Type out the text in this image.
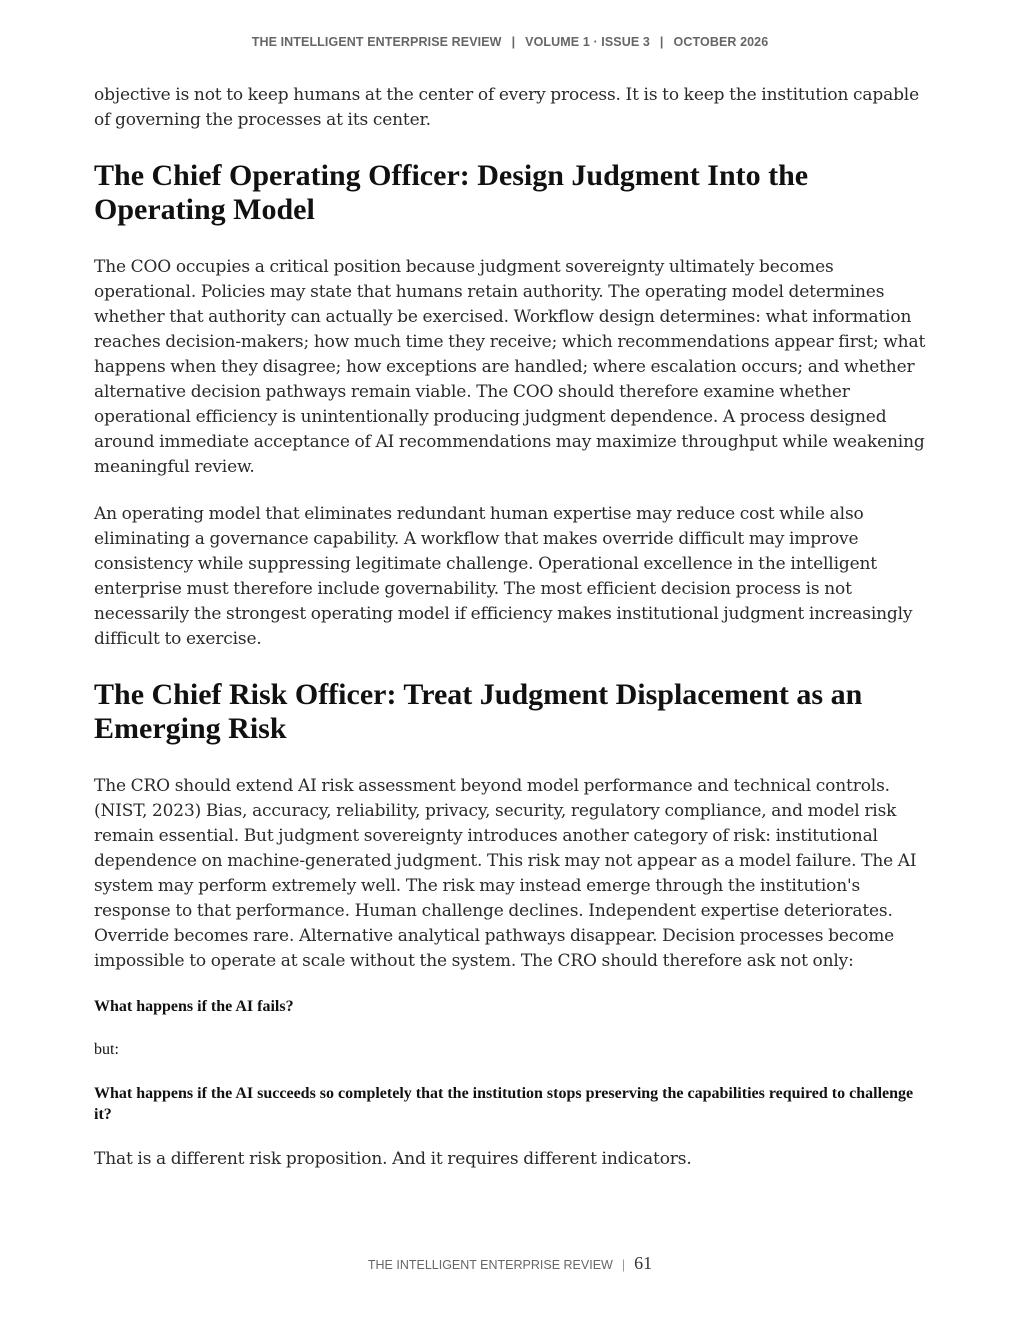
THE INTELLIGENT ENTERPRISE REVIEW | VOLUME 1 · ISSUE 3 | OCTOBER 2026

objective is not to keep humans at the center of every process. It is to keep the institution capable of governing the processes at its center.

The Chief Operating Officer: Design Judgment Into the Operating Model

The COO occupies a critical position because judgment sovereignty ultimately becomes operational. Policies may state that humans retain authority. The operating model determines whether that authority can actually be exercised. Workflow design determines: what information reaches decision-makers; how much time they receive; which recommendations appear first; what happens when they disagree; how exceptions are handled; where escalation occurs; and whether alternative decision pathways remain viable. The COO should therefore examine whether operational efficiency is unintentionally producing judgment dependence. A process designed around immediate acceptance of AI recommendations may maximize throughput while weakening meaningful review.

An operating model that eliminates redundant human expertise may reduce cost while also eliminating a governance capability. A workflow that makes override difficult may improve consistency while suppressing legitimate challenge. Operational excellence in the intelligent enterprise must therefore include governability. The most efficient decision process is not necessarily the strongest operating model if efficiency makes institutional judgment increasingly difficult to exercise.

The Chief Risk Officer: Treat Judgment Displacement as an Emerging Risk

The CRO should extend AI risk assessment beyond model performance and technical controls. (NIST, 2023) Bias, accuracy, reliability, privacy, security, regulatory compliance, and model risk remain essential. But judgment sovereignty introduces another category of risk: institutional dependence on machine-generated judgment. This risk may not appear as a model failure. The AI system may perform extremely well. The risk may instead emerge through the institution's response to that performance. Human challenge declines. Independent expertise deteriorates. Override becomes rare. Alternative analytical pathways disappear. Decision processes become impossible to operate at scale without the system. The CRO should therefore ask not only:

What happens if the AI fails?

but:

What happens if the AI succeeds so completely that the institution stops preserving the capabilities required to challenge it?

That is a different risk proposition. And it requires different indicators.

THE INTELLIGENT ENTERPRISE REVIEW | 61
